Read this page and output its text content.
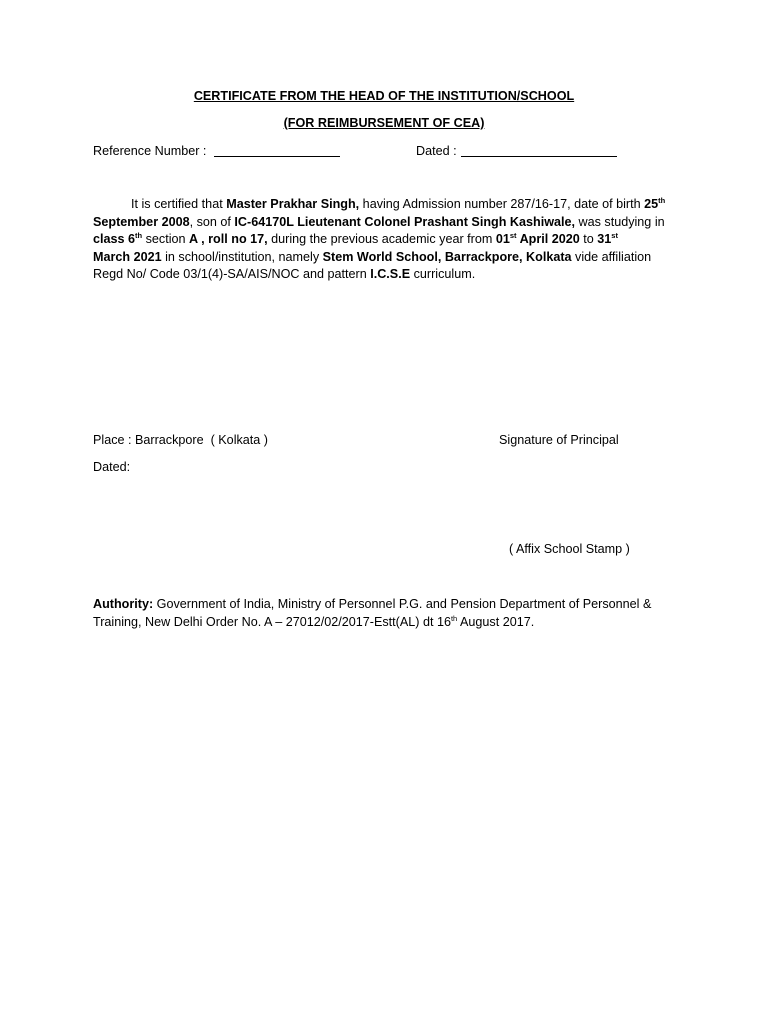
CERTIFICATE FROM THE HEAD OF THE INSTITUTION/SCHOOL
(FOR REIMBURSEMENT OF CEA)
Reference Number :	Dated :
It is certified that Master Prakhar Singh, having Admission number 287/16-17, date of birth 25th September 2008, son of IC-64170L Lieutenant Colonel Prashant Singh Kashiwale, was studying in class 6th section A , roll no 17, during the previous academic year from 01st April 2020 to 31st
March 2021 in school/institution, namely Stem World School, Barrackpore, Kolkata vide affiliation Regd No/ Code 03/1(4)-SA/AIS/NOC and pattern I.C.S.E curriculum.
Place : Barrackpore  ( Kolkata )	Signature of Principal
Dated:
( Affix School Stamp )
Authority: Government of India, Ministry of Personnel P.G. and Pension Department of Personnel & Training, New Delhi Order No. A – 27012/02/2017-Estt(AL) dt 16th August 2017.
